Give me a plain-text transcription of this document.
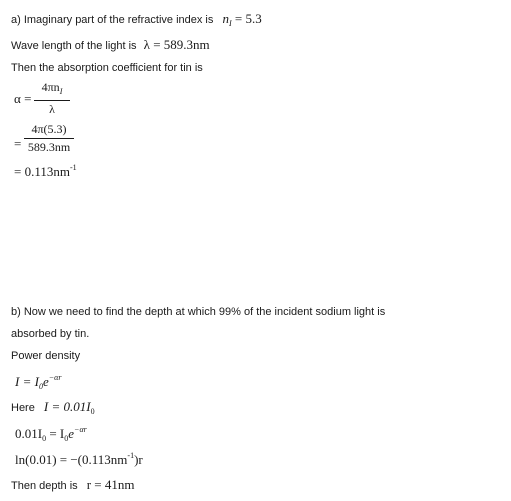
a) Imaginary part of the refractive index is $n_I = 5.3$
Wave length of the light is λ = 589.3nm
Then the absorption coefficient for tin is
α =
$4\pi n_I$
λ
=
4π(5.3)
589.3nm
= $0.113nm^{-1}$
b) Now we need to find the depth at which 99% of the incident sodium light is
absorbed by tin.
Power density
$I = I_0e^{-\alpha r}$
Here $I = 0.01I_0$
$0.01I_0 = I_0e^{-\alpha r}$
$\ln(0.01) = -(0.113nm^{-1})r$
Then depth is r = 41nm
